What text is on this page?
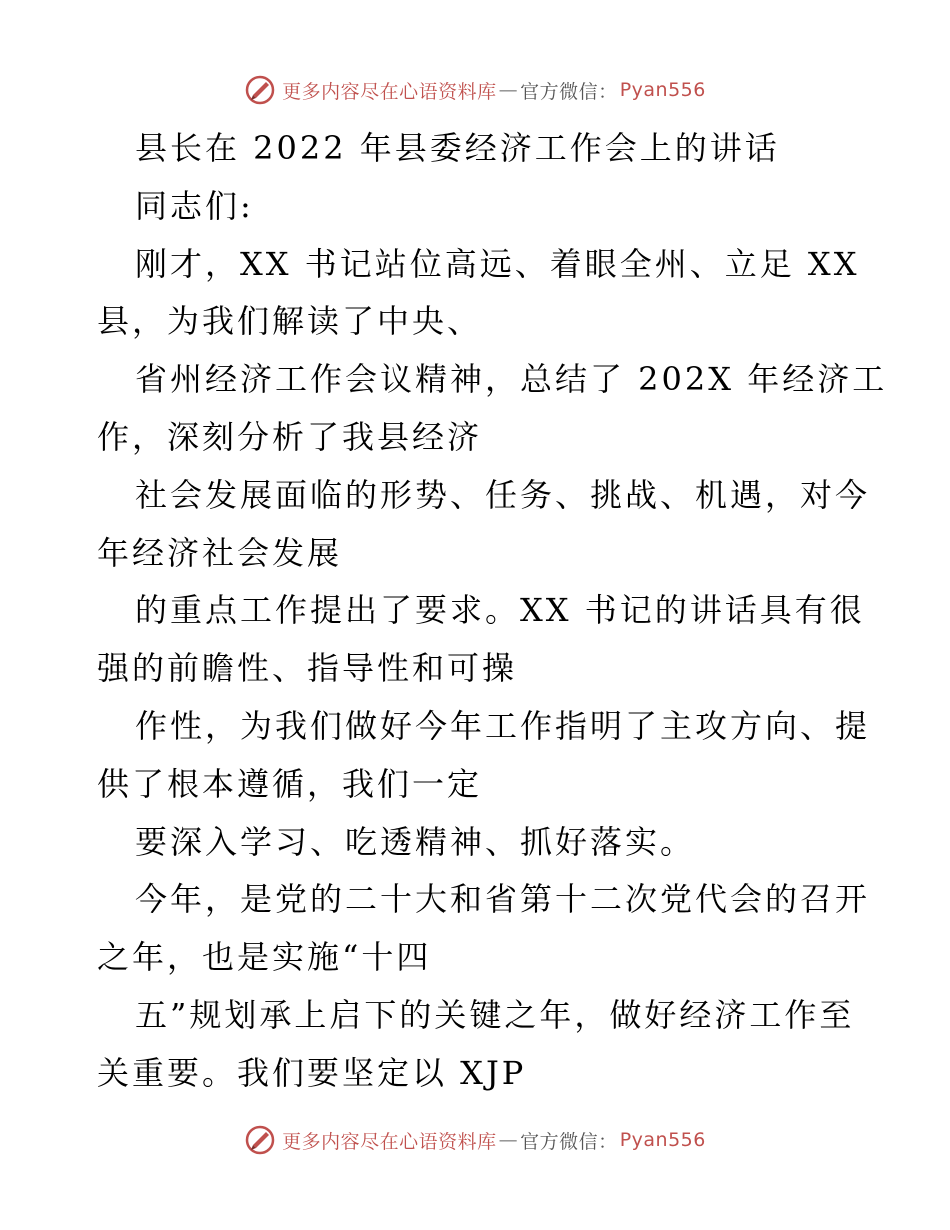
更多内容尽在心语资料库 — 官方微信： Pyan556
县长在 2022 年县委经济工作会上的讲话
同志们:
刚才，XX 书记站位高远、着眼全州、立足 XX
县，为我们解读了中央、
省州经济工作会议精神，总结了 202X 年经济工
作，深刻分析了我县经济
社会发展面临的形势、任务、挑战、机遇，对今
年经济社会发展
的重点工作提出了要求。XX 书记的讲话具有很
强的前瞻性、指导性和可操
作性，为我们做好今年工作指明了主攻方向、提
供了根本遵循，我们一定
要深入学习、吃透精神、抓好落实。
今年，是党的二十大和省第十二次党代会的召开
之年，也是实施“十四
五”规划承上启下的关键之年，做好经济工作至
关重要。我们要坚定以 XJP
更多内容尽在心语资料库 — 官方微信： Pyan556
